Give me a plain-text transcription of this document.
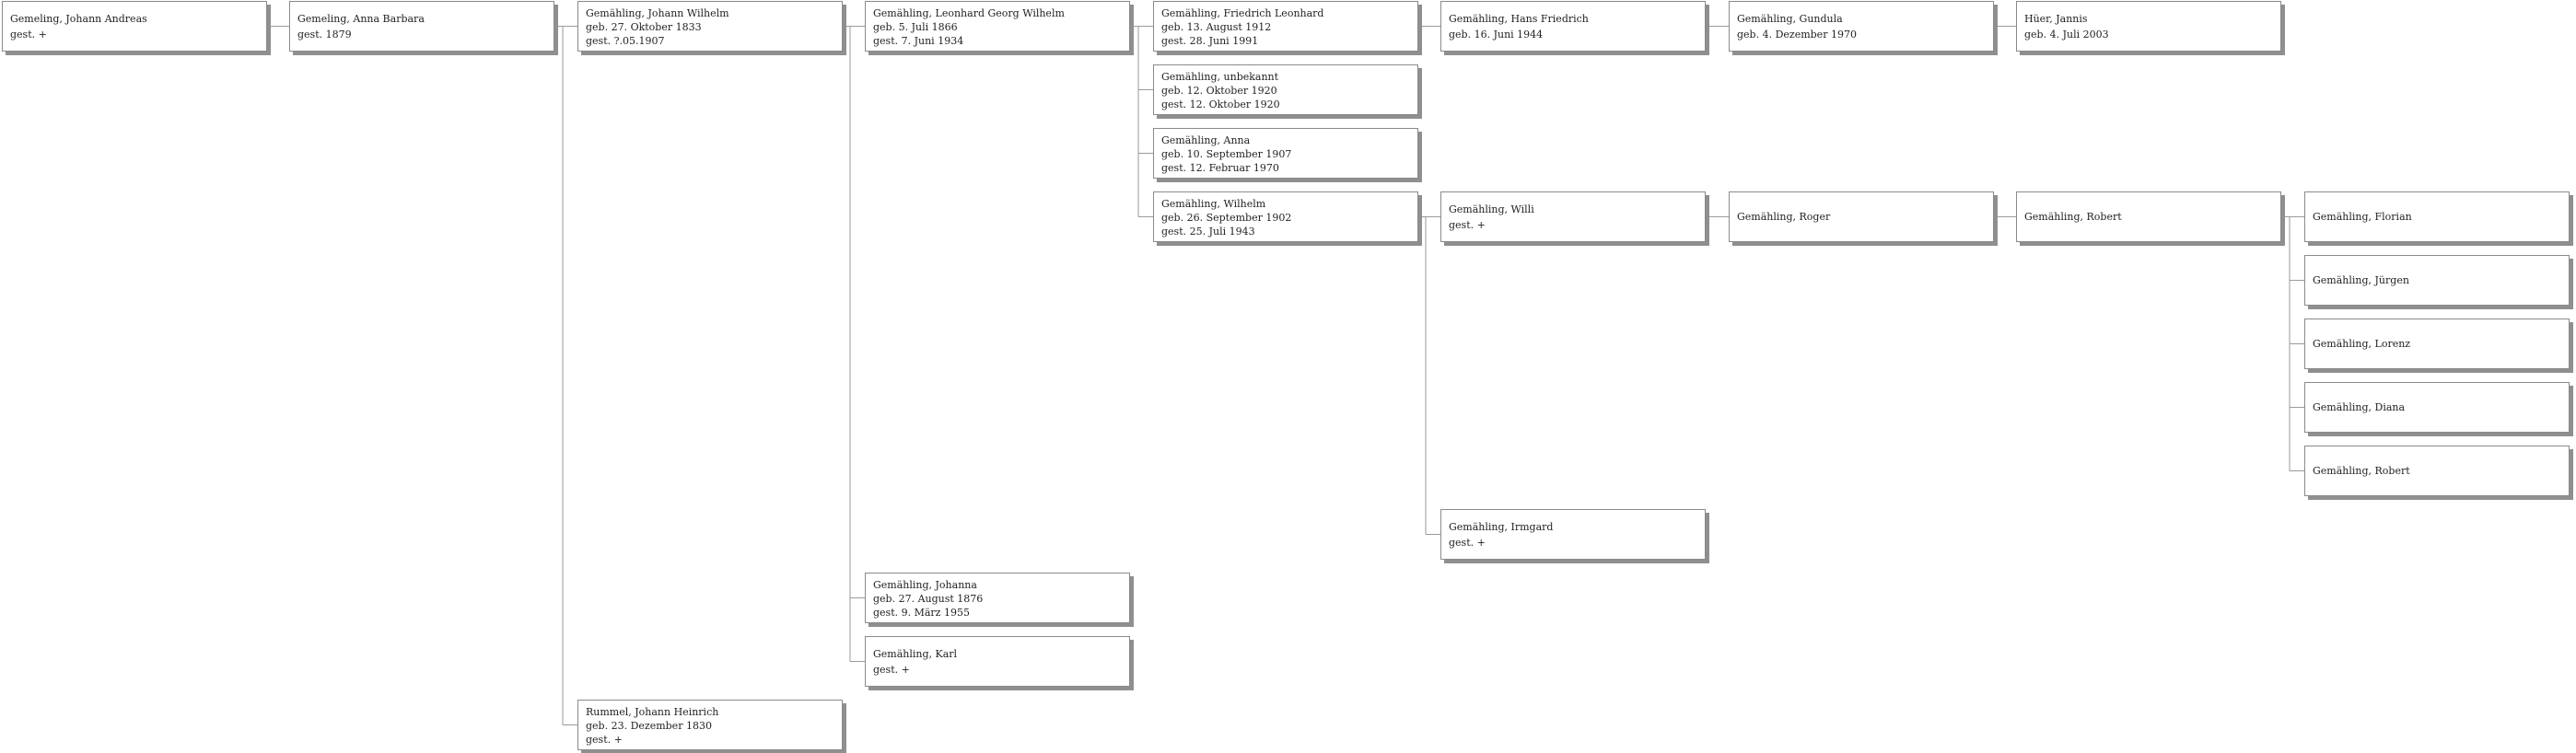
Gemeling, Johann Andreas
gest. +
Gemeling, Anna Barbara
gest. 1879
Gemähling, Johann Wilhelm
geb. 27. Oktober 1833
gest. ?.05.1907
Gemähling, Leonhard Georg Wilhelm
geb. 5. Juli 1866
gest. 7. Juni 1934
Gemähling, Friedrich Leonhard
geb. 13. August 1912
gest. 28. Juni 1991
Gemähling, Hans Friedrich
geb. 16. Juni 1944
Gemähling, Gundula
geb. 4. Dezember 1970
Hüer, Jannis
geb. 4. Juli 2003
Gemähling, unbekannt
geb. 12. Oktober 1920
gest. 12. Oktober 1920
Gemähling, Anna
geb. 10. September 1907
gest. 12. Februar 1970
Gemähling, Wilhelm
geb. 26. September 1902
gest. 25. Juli 1943
Gemähling, Willi
gest. +
Gemähling, Roger	Gemähling, Robert	Gemähling, Florian
Gemähling, Jürgen
Gemähling, Lorenz
Gemähling, Diana
Gemähling, Robert
Gemähling, Irmgard
gest. +
Gemähling, Johanna
geb. 27. August 1876
gest. 9. März 1955
Gemähling, Karl
gest. +
Rummel, Johann Heinrich
geb. 23. Dezember 1830
gest. +
